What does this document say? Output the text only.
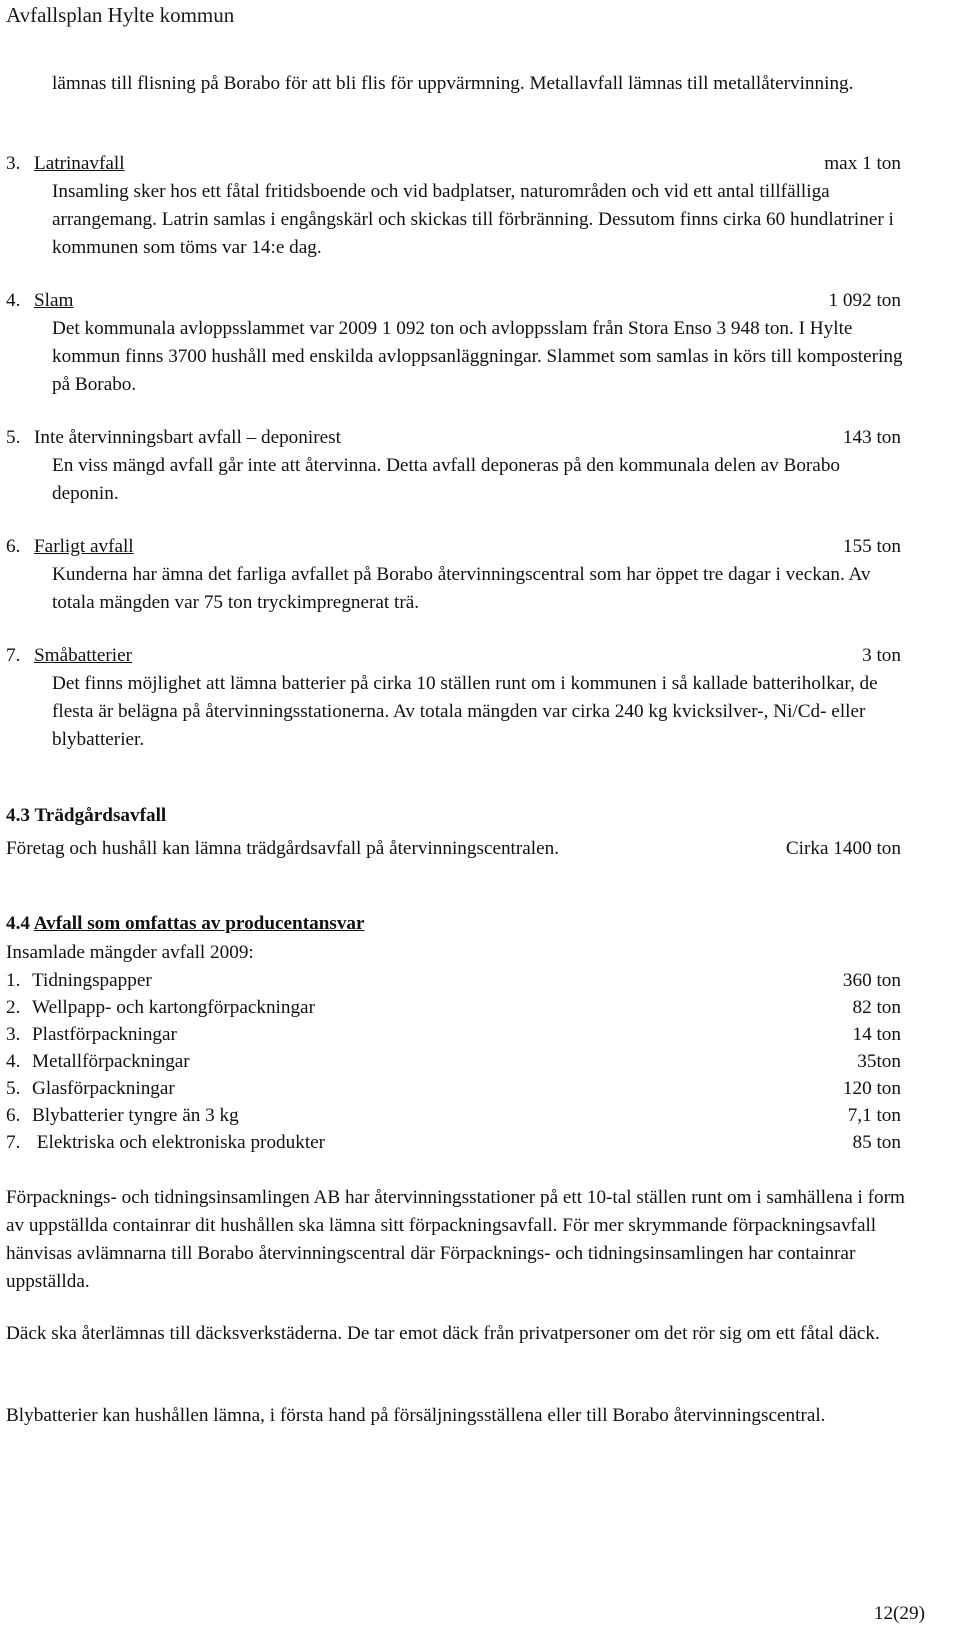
Avfallsplan Hylte kommun
lämnas till flisning på Borabo för att bli flis för uppvärmning. Metallavfall lämnas till metallåtervinning.
3. Latrinavfall	max 1 ton
Insamling sker hos ett fåtal fritidsboende och vid badplatser, naturområden och vid ett antal tillfälliga arrangemang. Latrin samlas i engångskärl och skickas till förbränning. Dessutom finns cirka 60 hundlatriner i kommunen som töms var 14:e dag.
4. Slam	1 092 ton
Det kommunala avloppsslammet var 2009 1 092 ton och avloppsslam från Stora Enso 3 948 ton. I Hylte kommun finns 3700 hushåll med enskilda avloppsanläggningar. Slammet som samlas in körs till kompostering på Borabo.
5. Inte återvinningsbart avfall – deponirest	143 ton
En viss mängd avfall går inte att återvinna. Detta avfall deponeras på den kommunala delen av Borabo deponin.
6. Farligt avfall	155 ton
Kunderna har ämna det farliga avfallet på Borabo återvinningscentral som har öppet tre dagar i veckan. Av totala mängden var 75 ton tryckimpregnerat trä.
7. Småbatterier	3 ton
Det finns möjlighet att lämna batterier på cirka 10 ställen runt om i kommunen i så kallade batteriholkar, de flesta är belägna på återvinningsstationerna. Av totala mängden var cirka 240 kg kvicksilver-, Ni/Cd- eller blybatterier.
4.3 Trädgårdsavfall
Företag och hushåll kan lämna trädgårdsavfall på återvinningscentralen.	Cirka 1400 ton
4.4 Avfall som omfattas av producentansvar
Insamlade mängder avfall 2009:
1. Tidningspapper	360 ton
2. Wellpapp- och kartongförpackningar	82 ton
3. Plastförpackningar	14 ton
4. Metallförpackningar	35ton
5. Glasförpackningar	120 ton
6. Blybatterier tyngre än 3 kg	7,1 ton
7. Elektriska och elektroniska produkter	85 ton
Förpacknings- och tidningsinsamlingen AB har återvinningsstationer på ett 10-tal ställen runt om i samhällena i form av uppställda containrar dit hushållen ska lämna sitt förpackningsavfall. För mer skrymmande förpackningsavfall hänvisas avlämnarna till Borabo återvinningscentral där Förpacknings- och tidningsinsamlingen har containrar uppställda.
Däck ska återlämnas till däcksverkstäderna. De tar emot däck från privatpersoner om det rör sig om ett fåtal däck.
Blybatterier kan hushållen lämna, i första hand på försäljningsställena eller till Borabo återvinningscentral.
12(29)
